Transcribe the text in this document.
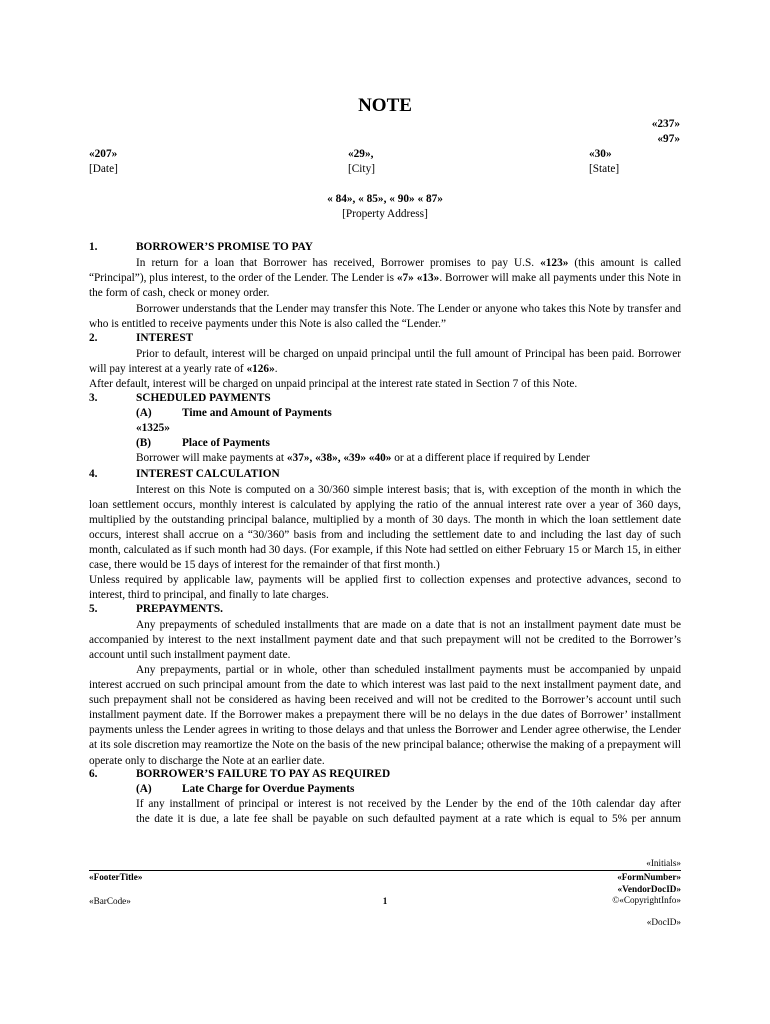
NOTE
«237»
«97»
«207»
[Date]
«29»,
[City]
«30»
[State]
« 84», « 85», « 90» « 87»
[Property Address]
1.	BORROWER’S PROMISE TO PAY
In return for a loan that Borrower has received, Borrower promises to pay U.S. «123» (this amount is called “Principal”), plus interest, to the order of the Lender. The Lender is «7» «13». Borrower will make all payments under this Note in the form of cash, check or money order.
Borrower understands that the Lender may transfer this Note. The Lender or anyone who takes this Note by transfer and who is entitled to receive payments under this Note is also called the “Lender.”
2.	INTEREST
Prior to default, interest will be charged on unpaid principal until the full amount of Principal has been paid. Borrower will pay interest at a yearly rate of «126».
After default, interest will be charged on unpaid principal at the interest rate stated in Section 7 of this Note.
3.	SCHEDULED PAYMENTS
(A)	Time and Amount of Payments
«1325»
(B)	Place of Payments
Borrower will make payments at «37», «38», «39» «40» or at a different place if required by Lender
4.	INTEREST CALCULATION
Interest on this Note is computed on a 30/360 simple interest basis; that is, with exception of the month in which the loan settlement occurs, monthly interest is calculated by applying the ratio of the annual interest rate over a year of 360 days, multiplied by the outstanding principal balance, multiplied by a month of 30 days. The month in which the loan settlement date occurs, interest shall accrue on a “30/360” basis from and including the settlement date to and including the last day of such month, calculated as if such month had 30 days. (For example, if this Note had settled on either February 15 or March 15, in either case, there would be 15 days of interest for the remainder of that first month.)
Unless required by applicable law, payments will be applied first to collection expenses and protective advances, second to interest, third to principal, and finally to late charges.
5.	PREPAYMENTS.
Any prepayments of scheduled installments that are made on a date that is not an installment payment date must be accompanied by interest to the next installment payment date and that such prepayment will not be credited to the Borrower’s account until such installment payment date.
Any prepayments, partial or in whole, other than scheduled installment payments must be accompanied by unpaid interest accrued on such principal amount from the date to which interest was last paid to the next installment payment date, and such prepayment shall not be considered as having been received and will not be credited to the Borrower’s account until such installment payment date. If the Borrower makes a prepayment there will be no delays in the due dates of Borrower’ installment payments unless the Lender agrees in writing to those delays and that unless the Borrower and Lender agree otherwise, the Lender at its sole discretion may reamortize the Note on the basis of the new principal balance; otherwise the making of a prepayment will operate only to discharge the Note at an earlier date.
6.	BORROWER’S FAILURE TO PAY AS REQUIRED
(A)	Late Charge for Overdue Payments
If any installment of principal or interest is not received by the Lender by the end of the 10th calendar day after
the date it is due, a late fee shall be payable on such defaulted payment at a rate which is equal to 5% per annum
«Initials»
«FooterTitle»	«FormNumber»
«VendorDocID»
«BarCode»	1	©«CopyrightInfo»
«DocID»
